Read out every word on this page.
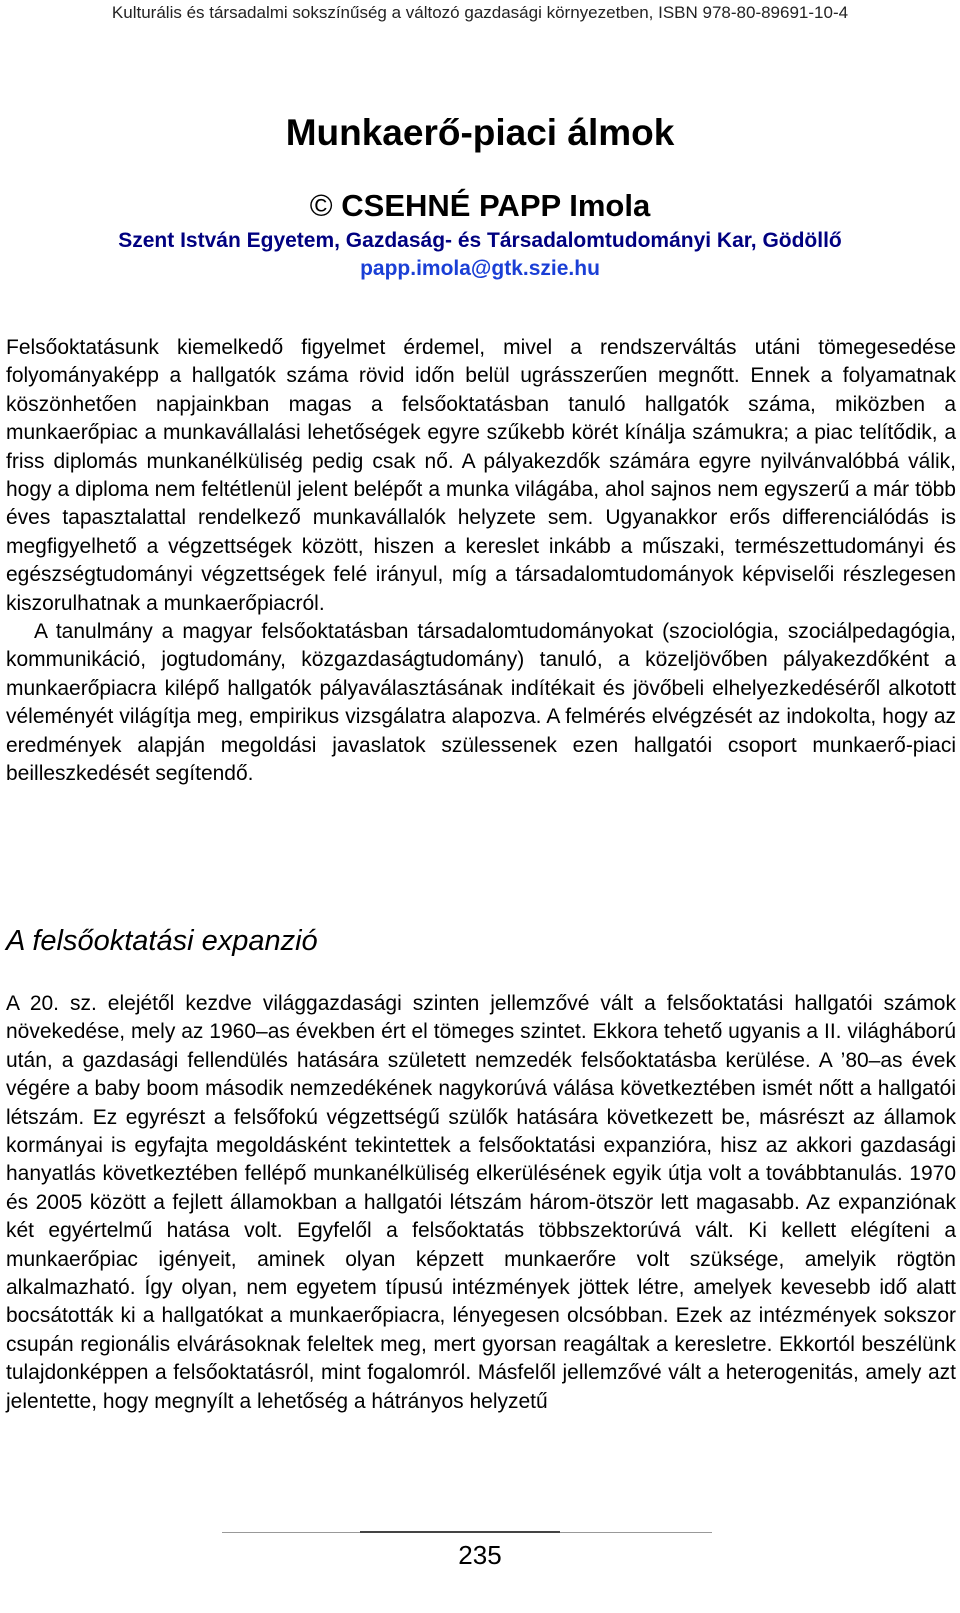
Kulturális és társadalmi sokszínűség a változó gazdasági környezetben, ISBN 978-80-89691-10-4
Munkaerő-piaci álmok
© CSEHNÉ PAPP Imola
Szent István Egyetem, Gazdaság- és Társadalomtudományi Kar, Gödöllő
papp.imola@gtk.szie.hu
Felsőoktatásunk kiemelkedő figyelmet érdemel, mivel a rendszerváltás utáni tömegesedése folyományaképp a hallgatók száma rövid időn belül ugrásszerűen megnőtt. Ennek a folyamatnak köszönhetően napjainkban magas a felsőoktatásban tanuló hallgatók száma, miközben a munkaerőpiac a munkavállalási lehetőségek egyre szűkebb körét kínálja számukra; a piac telítődik, a friss diplomás munkanélküliség pedig csak nő. A pályakezdők számára egyre nyilvánvalóbbá válik, hogy a diploma nem feltétlenül jelent belépőt a munka világába, ahol sajnos nem egyszerű a már több éves tapasztalattal rendelkező munkavállalók helyzete sem. Ugyanakkor erős differenciálódás is megfigyelhető a végzettségek között, hiszen a kereslet inkább a műszaki, természettudományi és egészségtudományi végzettségek felé irányul, míg a társadalomtudományok képviselői részlegesen kiszorulhatnak a munkaerőpiacról.
A tanulmány a magyar felsőoktatásban társadalomtudományokat (szociológia, szociálpedagógia, kommunikáció, jogtudomány, közgazdaságtudomány) tanuló, a közeljövőben pályakezdőként a munkaerőpiacra kilépő hallgatók pályaválasztásának indítékait és jövőbeli elhelyezkedéséről alkotott véleményét világítja meg, empirikus vizsgálatra alapozva. A felmérés elvégzését az indokolta, hogy az eredmények alapján megoldási javaslatok szülessenek ezen hallgatói csoport munkaerő-piaci beilleszkedését segítendő.
A felsőoktatási expanzió

A 20. sz. elejétől kezdve világgazdasági szinten jellemzővé vált a felsőoktatási hallgatói számok növekedése, mely az 1960–as években ért el tömeges szintet. Ekkora tehető ugyanis a II. világháború után, a gazdasági fellendülés hatására született nemzedék felsőoktatásba kerülése. A ’80–as évek végére a baby boom második nemzedékének nagykorúvá válása következtében ismét nőtt a hallgatói létszám. Ez egyrészt a felsőfokú végzettségű szülők hatására következett be, másrészt az államok kormányai is egyfajta megoldásként tekintettek a felsőoktatási expanzióra, hisz az akkori gazdasági hanyatlás következtében fellépő munkanélküliség elkerülésének egyik útja volt a továbbtanulás. 1970 és 2005 között a fejlett államokban a hallgatói létszám három-ötször lett magasabb. Az expanziónak két egyértelmű hatása volt. Egyfelől a felsőoktatás többszektorúvá vált. Ki kellett elégíteni a munkaerőpiac igényeit, aminek olyan képzett munkaerőre volt szüksége, amelyik rögtön alkalmazható. Így olyan, nem egyetem típusú intézmények jöttek létre, amelyek kevesebb idő alatt bocsátották ki a hallgatókat a munkaerőpiacra, lényegesen olcsóbban. Ezek az intézmények sokszor csupán regionális elvárásoknak feleltek meg, mert gyorsan reagáltak a keresletre. Ekkortól beszélünk tulajdonképpen a felsőoktatásról, mint fogalomról. Másfelől jellemzővé vált a heterogenitás, amely azt jelentette, hogy megnyílt a lehetőség a hátrányos helyzetű

235
